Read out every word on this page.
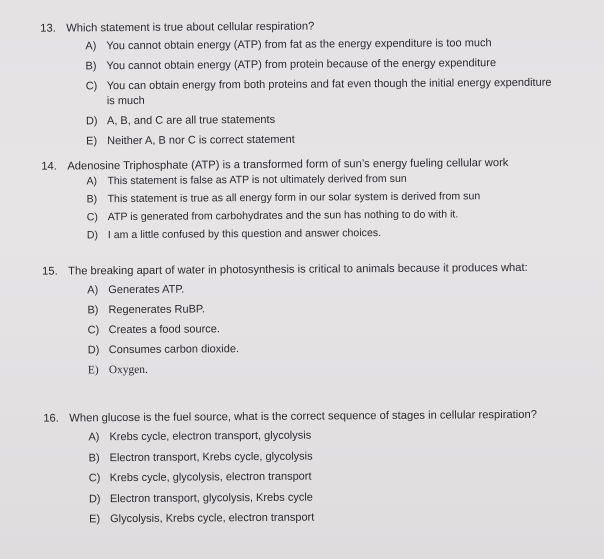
13. Which statement is true about cellular respiration?
A) You cannot obtain energy (ATP) from fat as the energy expenditure is too much
B) You cannot obtain energy (ATP) from protein because of the energy expenditure
C) You can obtain energy from both proteins and fat even though the initial energy expenditure is much
D) A, B, and C are all true statements
E) Neither A, B nor C is correct statement
14. Adenosine Triphosphate (ATP) is a transformed form of sun’s energy fueling cellular work
A) This statement is false as ATP is not ultimately derived from sun
B) This statement is true as all energy form in our solar system is derived from sun
C) ATP is generated from carbohydrates and the sun has nothing to do with it.
D) I am a little confused by this question and answer choices.
15. The breaking apart of water in photosynthesis is critical to animals because it produces what:
A) Generates ATP.
B) Regenerates RuBP.
C) Creates a food source.
D) Consumes carbon dioxide.
E) Oxygen.
16. When glucose is the fuel source, what is the correct sequence of stages in cellular respiration?
A) Krebs cycle, electron transport, glycolysis
B) Electron transport, Krebs cycle, glycolysis
C) Krebs cycle, glycolysis, electron transport
D) Electron transport, glycolysis, Krebs cycle
E) Glycolysis, Krebs cycle, electron transport
